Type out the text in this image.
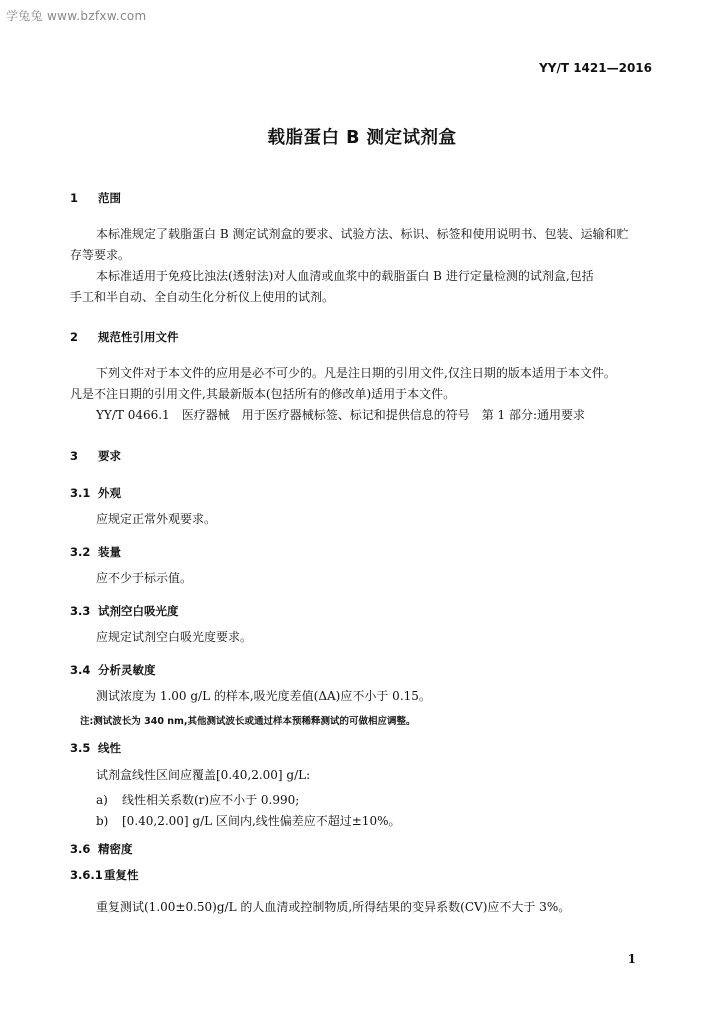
学兔兔 www.bzfxw.com
YY/T 1421—2016
载脂蛋白 B 测定试剂盒
1 范围
本标准规定了载脂蛋白 B 测定试剂盒的要求、试验方法、标识、标签和使用说明书、包装、运输和贮
存等要求。
本标准适用于免疫比浊法(透射法)对人血清或血浆中的载脂蛋白 B 进行定量检测的试剂盒,包括
手工和半自动、全自动生化分析仪上使用的试剂。
2 规范性引用文件
下列文件对于本文件的应用是必不可少的。凡是注日期的引用文件,仅注日期的版本适用于本文件。
凡是不注日期的引用文件,其最新版本(包括所有的修改单)适用于本文件。
YY/T 0466.1　医疗器械　用于医疗器械标签、标记和提供信息的符号　第 1 部分:通用要求
3 要求
3.1 外观
应规定正常外观要求。
3.2 装量
应不少于标示值。
3.3 试剂空白吸光度
应规定试剂空白吸光度要求。
3.4 分析灵敏度
测试浓度为 1.00 g/L 的样本,吸光度差值(ΔA)应不小于 0.15。
注:测试波长为 340 nm,其他测试波长或通过样本预稀释测试的可做相应调整。
3.5 线性
试剂盒线性区间应覆盖[0.40,2.00] g/L:
a) 线性相关系数(r)应不小于 0.990;
b) [0.40,2.00] g/L 区间内,线性偏差应不超过±10%。
3.6 精密度
3.6.1重复性
重复测试(1.00±0.50)g/L 的人血清或控制物质,所得结果的变异系数(CV)应不大于 3%。
1
